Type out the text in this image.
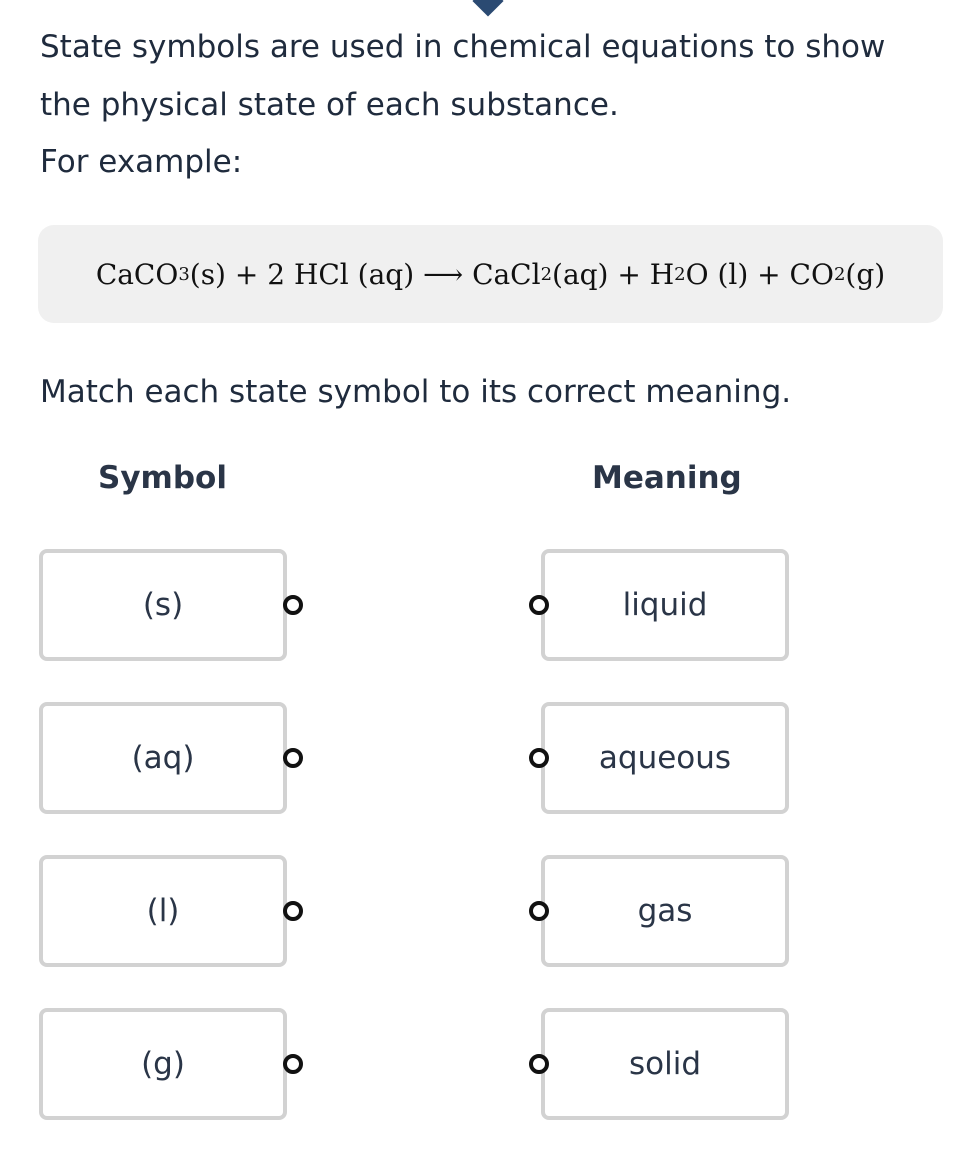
State symbols are used in chemical equations to show
the physical state of each substance.
For example:
CaCO 3 (s) + 2 HCl (aq) ⟶ CaCl 2 (aq) + H 2 O (l) + CO 2 (g)
Match each state symbol to its correct meaning.
Symbol	Meaning
(s)
(aq)
(l)
(g)
liquid
aqueous
gas
solid
